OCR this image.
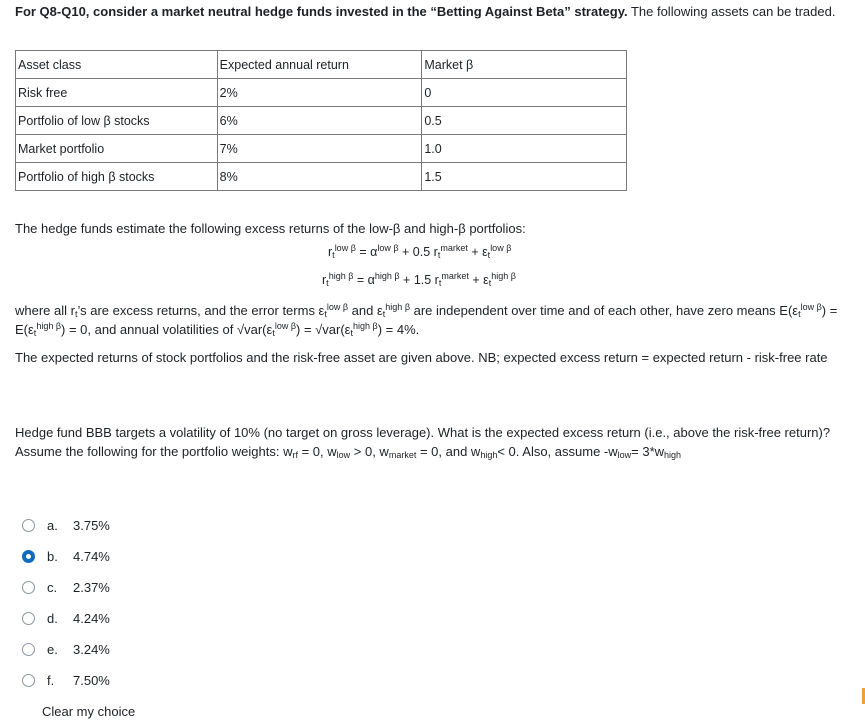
For Q8-Q10, consider a market neutral hedge funds invested in the “Betting Against Beta” strategy. The following assets can be traded.
Asset class	Expected annual return	Market β
Risk free	2%	0
Portfolio of low β stocks	6%	0.5
Market portfolio	7%	1.0
Portfolio of high β stocks	8%	1.5
The hedge funds estimate the following excess returns of the low-β and high-β portfolios:
$r_t^{low \beta} = \alpha^{low \beta} + 0.5$ $r_t^{market} + \varepsilon_t^{low \beta}$
$r_t^{high \beta} = \alpha^{high \beta} + 1.5$ $r_t^{market} + \varepsilon_t^{high \beta}$
where all $r_t’s$ are excess returns, and the error terms $\varepsilon_t^{low \beta}$ and $\varepsilon_t^{high \beta}$ are independent over time and of each other, have zero means $E(\varepsilon_t^{low \beta}) = E(\varepsilon_t^{high \beta}) = 0$, and annual volatilities of $√var(\varepsilon_t^{low \beta}) = √var(\varepsilon_t^{high \beta}) = 4\%$.
The expected returns of stock portfolios and the risk-free asset are given above. NB; expected excess return = expected return - risk-free rate
Hedge fund BBB targets a volatility of 10% (no target on gross leverage). What is the expected excess return (i.e., above the risk-free return)? Assume the following for the portfolio weights: $w_{rf} = 0$, $w_{low} > 0$, $w_{market} = 0$, and $w_{high}< 0$. Also, assume $-w_{low}= 3*w_{high}$
a.	3.75%
b.	4.74%
c.	2.37%
d.	4.24%
e.	3.24%
f.	7.50%
Clear my choice
